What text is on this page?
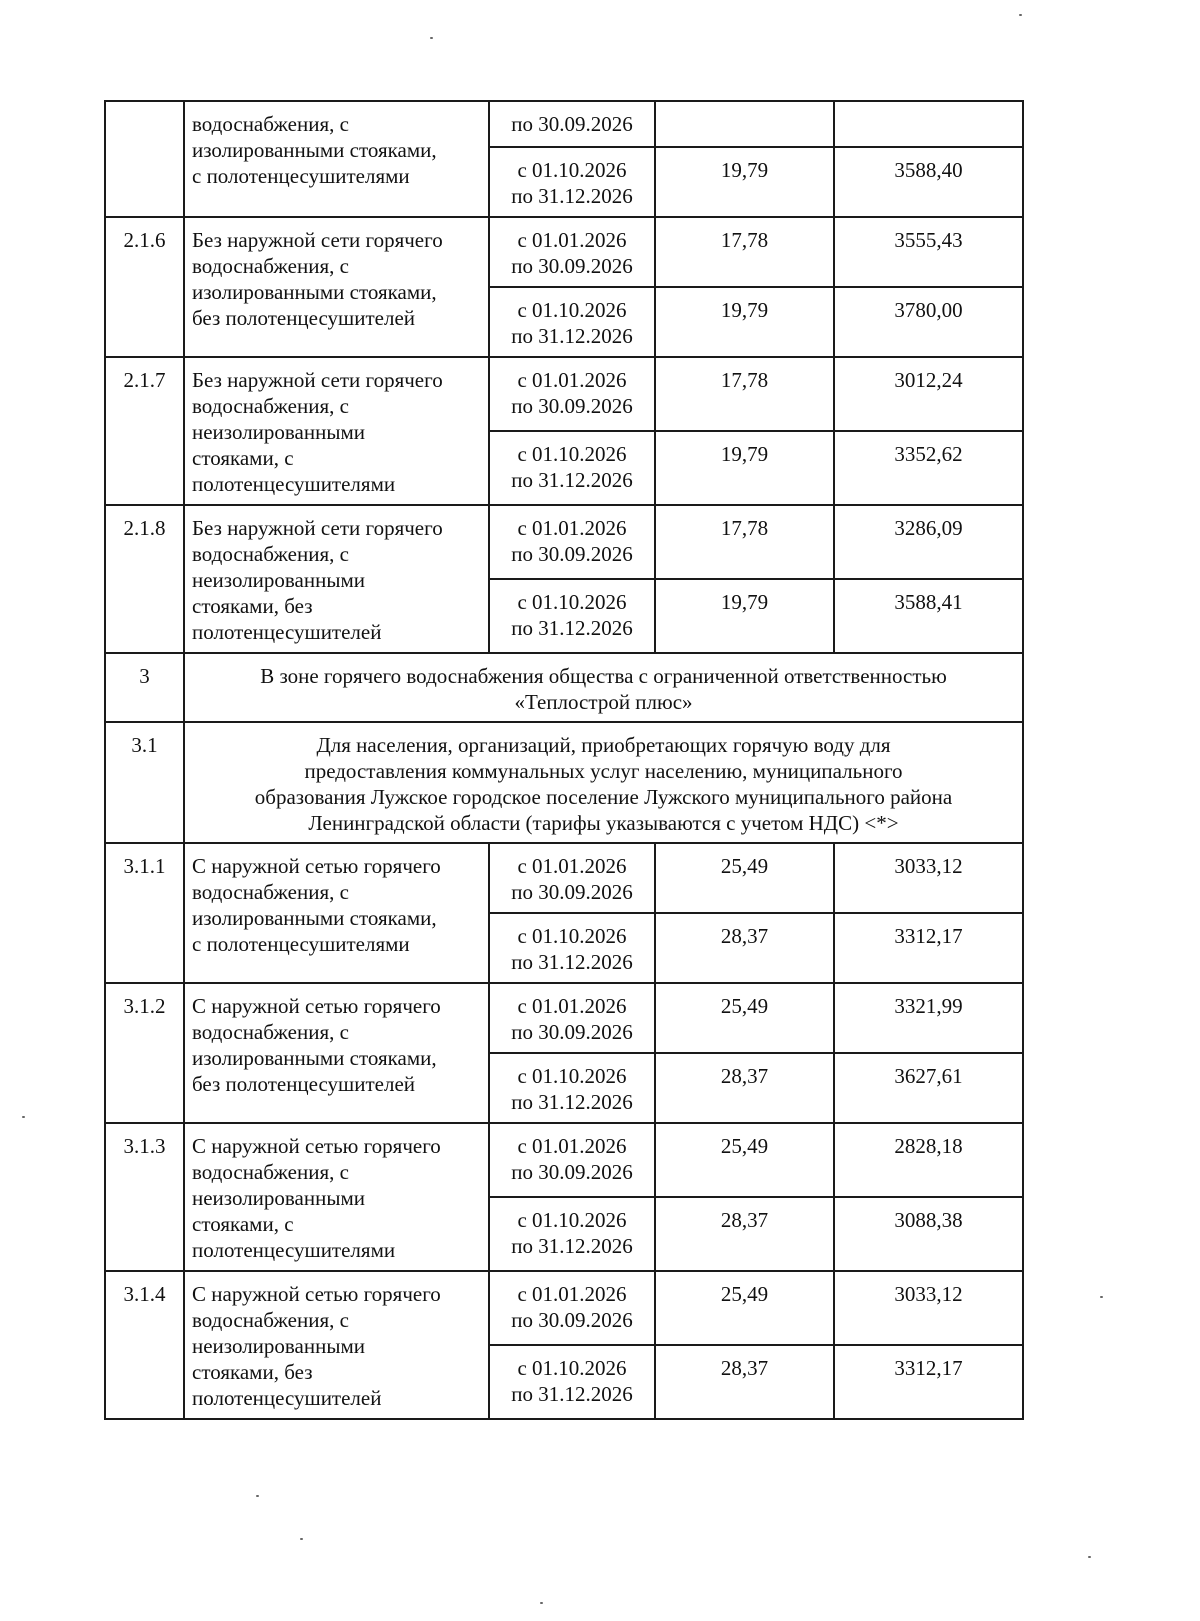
	водоснабжения, с
изолированными стояками,
с полотенцесушителями	по 30.09.2026		

		с 01.10.2026
по 31.12.2026	19,79	3588,40
2.1.6	Без наружной сети горячего
водоснабжения, с
изолированными стояками,
без полотенцесушителей	с 01.01.2026
по 30.09.2026	17,78	3555,43

		с 01.10.2026
по 31.12.2026	19,79	3780,00
2.1.7	Без наружной сети горячего
водоснабжения, с
неизолированными
стояками, с
полотенцесушителями	с 01.01.2026
по 30.09.2026	17,78	3012,24

		с 01.10.2026
по 31.12.2026	19,79	3352,62
2.1.8	Без наружной сети горячего
водоснабжения, с
неизолированными
стояками, без
полотенцесушителей	с 01.01.2026
по 30.09.2026	17,78	3286,09

		с 01.10.2026
по 31.12.2026	19,79	3588,41
3	В зоне горячего водоснабжения общества с ограниченной ответственностью
«Теплострой плюс»			

3.1	Для населения, организаций, приобретающих горячую воду для
предоставления коммунальных услуг населению, муниципального
образования Лужское городское поселение Лужского муниципального района
Ленинградской области (тарифы указываются с учетом НДС) <*>			

3.1.1	С наружной сетью горячего
водоснабжения, с
изолированными стояками,
с полотенцесушителями	с 01.01.2026
по 30.09.2026	25,49	3033,12

		с 01.10.2026
по 31.12.2026	28,37	3312,17
3.1.2	С наружной сетью горячего
водоснабжения, с
изолированными стояками,
без полотенцесушителей	с 01.01.2026
по 30.09.2026	25,49	3321,99

		с 01.10.2026
по 31.12.2026	28,37	3627,61
3.1.3	С наружной сетью горячего
водоснабжения, с
неизолированными
стояками, с
полотенцесушителями	с 01.01.2026
по 30.09.2026	25,49	2828,18

		с 01.10.2026
по 31.12.2026	28,37	3088,38
3.1.4	С наружной сетью горячего
водоснабжения, с
неизолированными
стояками, без
полотенцесушителей	с 01.01.2026
по 30.09.2026	25,49	3033,12

		с 01.10.2026
по 31.12.2026	28,37	3312,17
